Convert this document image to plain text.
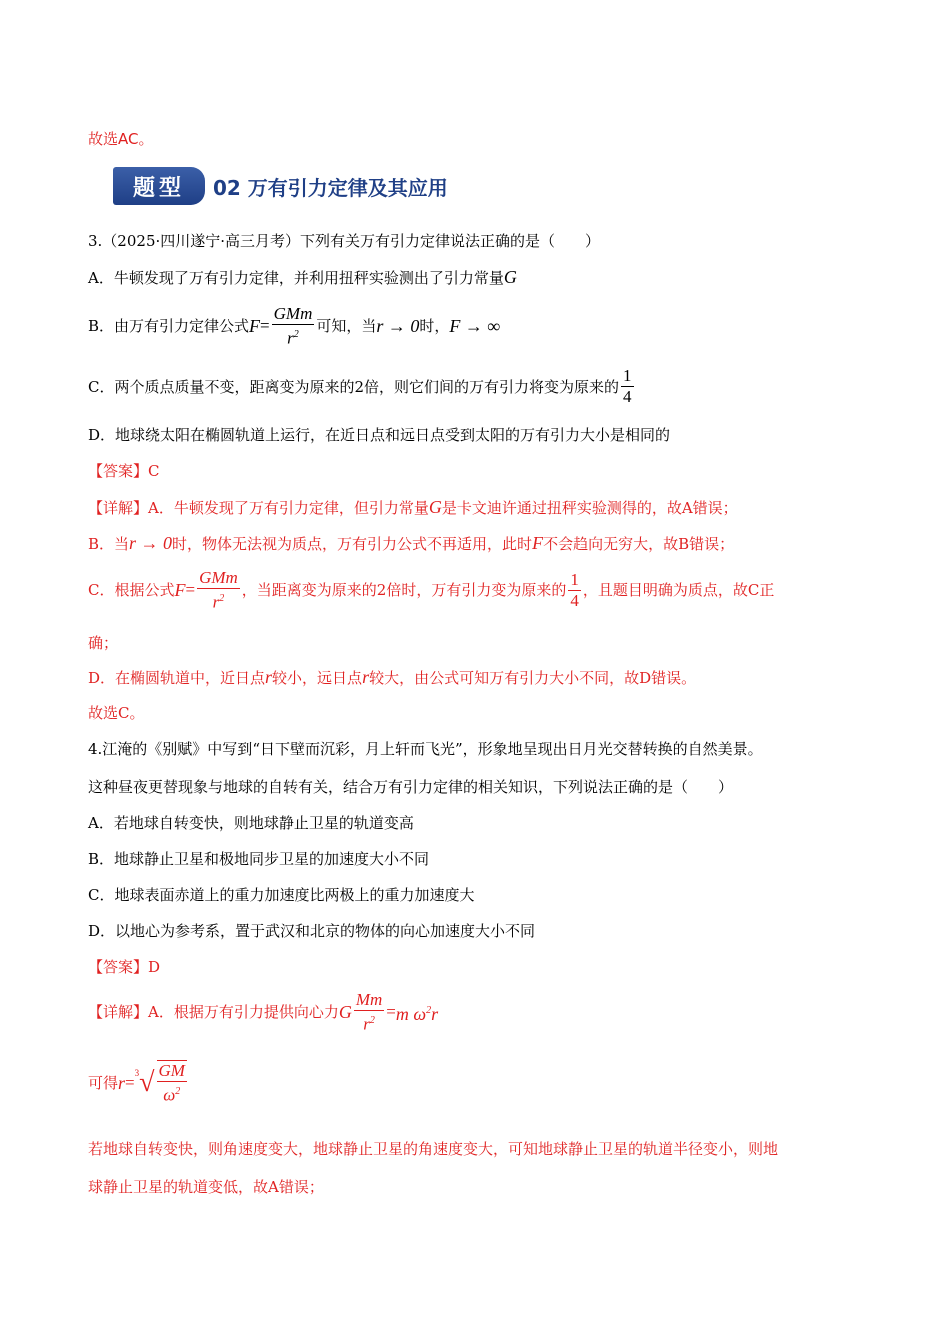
故选AC。
题型	02 万有引力定律及其应用
3.（2025·四川遂宁·高三月考）下列有关万有引力定律说法正确的是（　　）
A．牛顿发现了万有引力定律，并利用扭秤实验测出了引力常量G
B．由万有引力定律公式 $F = \frac{\text{GMm}}{r^2}$ 可知，当 r → 0 时， F → ∞
C．两个质点质量不变，距离变为原来的2倍，则它们间的万有引力将变为原来的 $\frac{1}{4}$
D．地球绕太阳在椭圆轨道上运行，在近日点和远日点受到太阳的万有引力大小是相同的
【答案】C
【详解】A．牛顿发现了万有引力定律，但引力常量G是卡文迪许通过扭秤实验测得的，故A错误；
B．当r → 0时，物体无法视为质点，万有引力公式不再适用，此时F不会趋向无穷大，故B错误；
C．根据公式 $F = \frac{\text{GMm}}{r^2}$ ，当距离变为原来的2倍时，万有引力变为原来的 $\frac{1}{4}$ ，且题目明确为质点，故C正
确；
D．在椭圆轨道中，近日点r较小，远日点r较大，由公式可知万有引力大小不同，故D错误。
故选C。
4.江淹的《别赋》中写到“日下壁而沉彩，月上轩而飞光”，形象地呈现出日月光交替转换的自然美景。
这种昼夜更替现象与地球的自转有关，结合万有引力定律的相关知识，下列说法正确的是（　　）
A．若地球自转变快，则地球静止卫星的轨道变高
B．地球静止卫星和极地同步卫星的加速度大小不同
C．地球表面赤道上的重力加速度比两极上的重力加速度大
D．以地心为参考系，置于武汉和北京的物体的向心加速度大小不同
【答案】D
【详解】A．根据万有引力提供向心力 G $\frac{Mm}{r^2} = m$ $\omega^2r$
可得 r = 3 √ $\frac{GM}{\omega^2}$
若地球自转变快，则角速度变大，地球静止卫星的角速度变大，可知地球静止卫星的轨道半径变小，则地
球静止卫星的轨道变低，故A错误；
